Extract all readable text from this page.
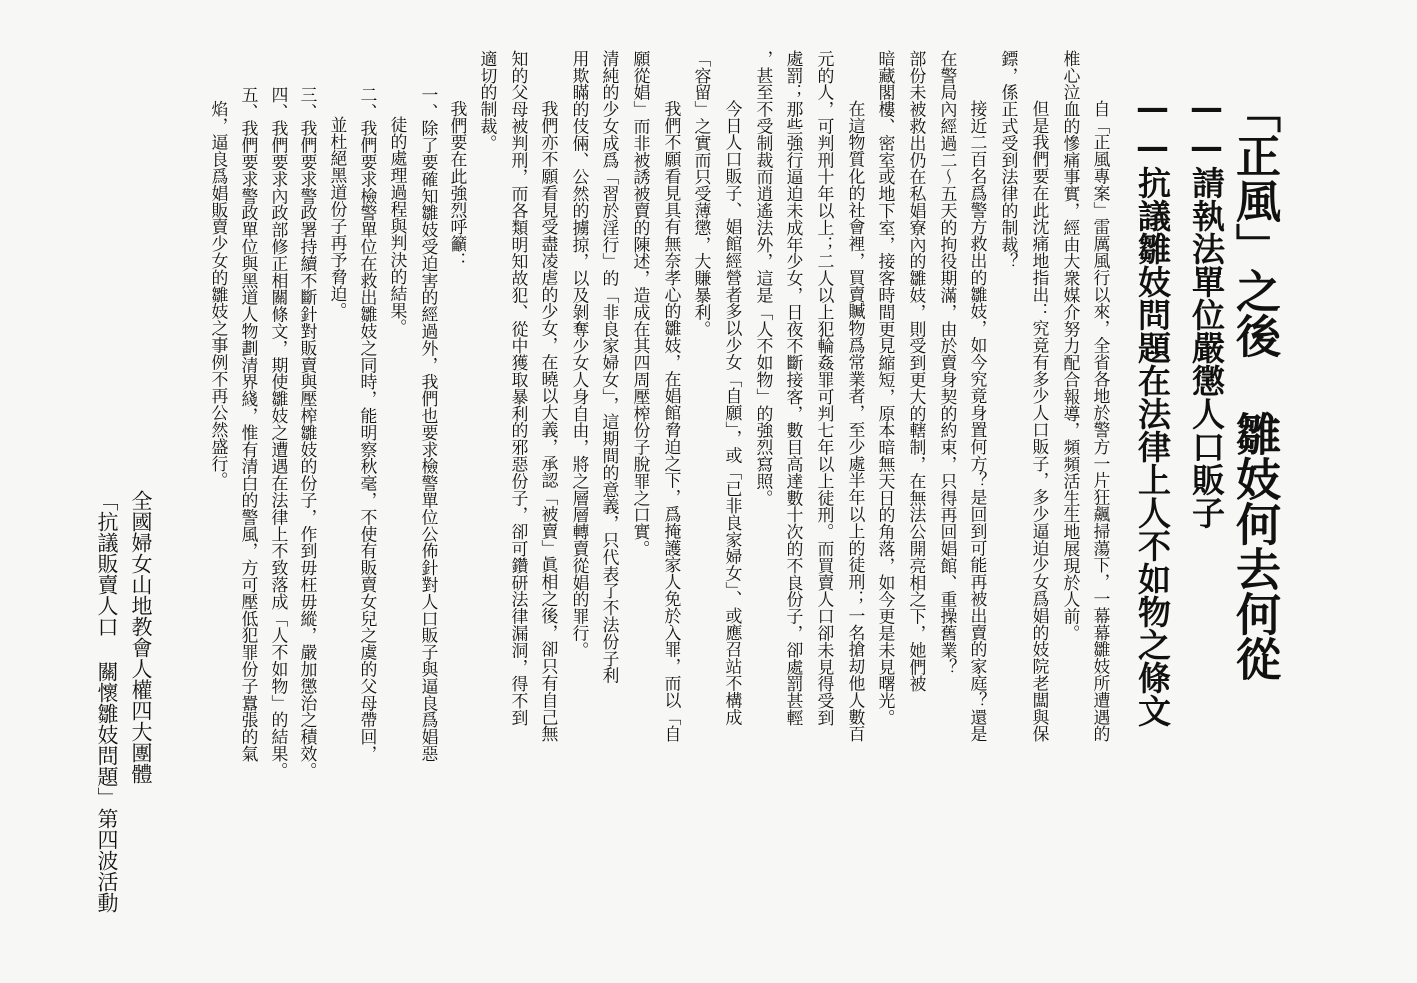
「正風」之後 雛妓何去何從
——請執法單位嚴懲人口販子
——抗議雛妓問題在法律上人不如物之條文
自「正風專案」雷厲風行以來，全省各地於警方一片狂飆掃蕩下，一幕幕雛妓所遭遇的
椎心泣血的慘痛事實，經由大衆媒介努力配合報導，頻頻活生生地展現於人前。
但是我們要在此沈痛地指出：究竟有多少人口販子，多少逼迫少女爲娼的妓院老闆與保
鏢，係正式受到法律的制裁？
接近二百名爲警方救出的雛妓，如今究竟身置何方？是回到可能再被出賣的家庭？還是
在警局內經過二～五天的拘役期滿，由於賣身契的約束，只得再回娼館、重操舊業？
部份未被救出仍在私娼寮內的雛妓，則受到更大的轄制，在無法公開亮相之下，她們被
暗藏閣樓、密室或地下室，接客時間更見縮短，原本暗無天日的角落，如今更是未見曙光。
在這物質化的社會裡，買賣贓物爲常業者，至少處半年以上的徒刑；一名搶刧他人數百
元的人，可判刑十年以上；二人以上犯輪姦罪可判七年以上徒刑。而買賣人口卻未見得受到
處罰；那些強行逼迫未成年少女，日夜不斷接客，數目高達數十次的不良份子，卻處罰甚輕
，甚至不受制裁而逍遙法外，這是「人不如物」的強烈寫照。
今日人口販子、娼館經營者多以少女「自願」，或「已非良家婦女」、或應召站不構成
「容留」之實而只受薄懲，大賺暴利。
我們不願看見具有無奈孝心的雛妓，在娼館脅迫之下，爲掩護家人免於入罪，而以「自
願從娼」而非被誘被賣的陳述，造成在其四周壓榨份子脫罪之口實。
清純的少女成爲「習於淫行」的「非良家婦女」，這期間的意義，只代表了不法份子利
用欺瞞的伎倆、公然的擄掠，以及剝奪少女人身自由，將之層層轉賣從娼的罪行。
我們亦不願看見受盡凌虐的少女，在曉以大義，承認「被賣」眞相之後，卻只有自己無
知的父母被判刑，而各類明知故犯、從中獲取暴利的邪惡份子，卻可鑽研法律漏洞，得不到
適切的制裁。
我們要在此強烈呼籲：
一、除了要確知雛妓受迫害的經過外，我們也要求檢警單位公佈針對人口販子與逼良爲娼惡
徒的處理過程與判決的結果。
二、我們要求檢警單位在救出雛妓之同時，能明察秋毫，不使有販賣女兒之虞的父母帶回，
並杜絕黑道份子再予脅迫。
三、我們要求警政署持續不斷針對販賣與壓榨雛妓的份子，作到毋枉毋縱，嚴加懲治之積效。
四、我們要求內政部修正相關條文，期使雛妓之遭遇在法律上不致落成「人不如物」的結果。
五、我們要求警政單位與黑道人物劃清界綫，惟有清白的警風，方可壓低犯罪份子囂張的氣
焰，逼良爲娼販賣少女的雛妓之事例不再公然盛行。
全國婦女山地教會人權四大團體
「抗議販賣人口 關懷雛妓問題」第四波活動
